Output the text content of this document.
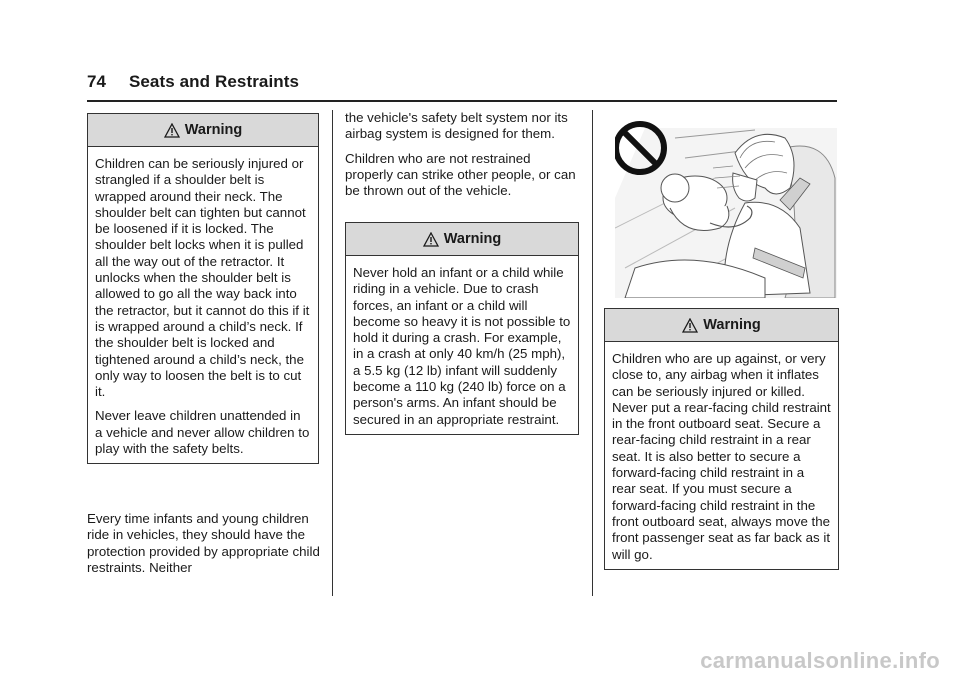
74 Seats and Restraints
Warning

Children can be seriously injured or strangled if a shoulder belt is wrapped around their neck. The shoulder belt can tighten but cannot be loosened if it is locked. The shoulder belt locks when it is pulled all the way out of the retractor. It unlocks when the shoulder belt is allowed to go all the way back into the retractor, but it cannot do this if it is wrapped around a child’s neck. If the shoulder belt is locked and tightened around a child’s neck, the only way to loosen the belt is to cut it.

Never leave children unattended in a vehicle and never allow children to play with the safety belts.

Every time infants and young children ride in vehicles, they should have the protection provided by appropriate child restraints. Neither

the vehicle's safety belt system nor its airbag system is designed for them.

Children who are not restrained properly can strike other people, or can be thrown out of the vehicle.

Warning

Never hold an infant or a child while riding in a vehicle. Due to crash forces, an infant or a child will become so heavy it is not possible to hold it during a crash. For example, in a crash at only 40 km/h (25 mph), a 5.5 kg (12 lb) infant will suddenly become a 110 kg (240 lb) force on a person's arms. An infant should be secured in an appropriate restraint.

Warning

Children who are up against, or very close to, any airbag when it inflates can be seriously injured or killed. Never put a rear-facing child restraint in the front outboard seat. Secure a rear-facing child restraint in a rear seat. It is also better to secure a forward-facing child restraint in a rear seat. If you must secure a forward-facing child restraint in the front outboard seat, always move the front passenger seat as far back as it will go.

carmanualsonline.info
